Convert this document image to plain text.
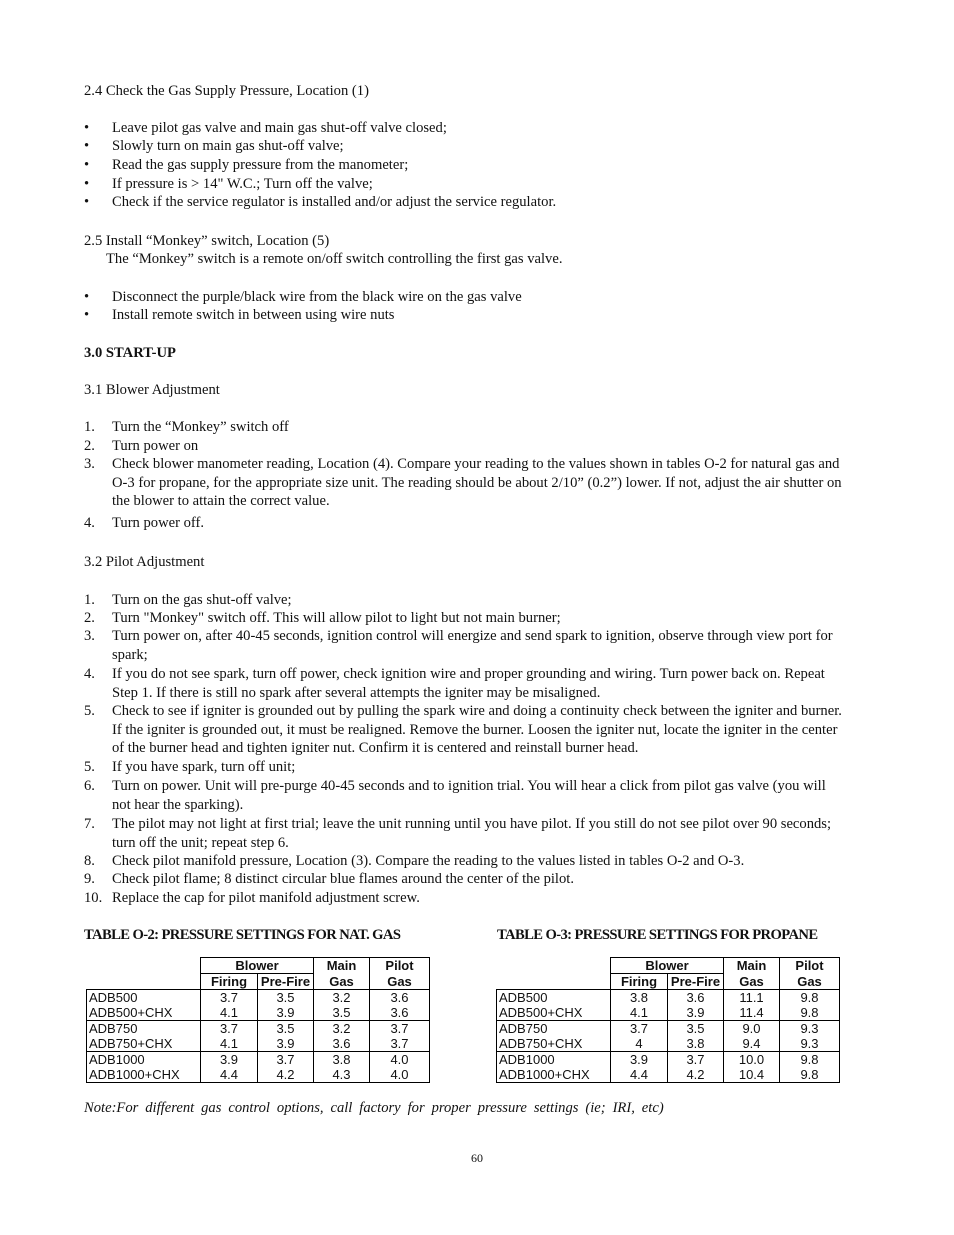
2.4 Check the Gas Supply Pressure, Location (1)
• Leave pilot gas valve and main gas shut-off valve closed;
• Slowly turn on main gas shut-off valve;
• Read the gas supply pressure from the manometer;
• If pressure is > 14" W.C.; Turn off the valve;
• Check if the service regulator is installed and/or adjust the service regulator.
2.5 Install “Monkey” switch, Location (5)
The “Monkey” switch is a remote on/off switch controlling the first gas valve.
• Disconnect the purple/black wire from the black wire on the gas valve
• Install remote switch in between using wire nuts
3.0 START-UP
3.1 Blower Adjustment
1. Turn the “Monkey” switch off
2. Turn power on
3. Check blower manometer reading, Location (4). Compare your reading to the values shown in tables O-2 for natural gas and O-3 for propane, for the appropriate size unit. The reading should be about 2/10” (0.2”) lower. If not, adjust the air shutter on the blower to attain the correct value.
4. Turn power off.
3.2 Pilot Adjustment
1. Turn on the gas shut-off valve;
2. Turn "Monkey" switch off. This will allow pilot to light but not main burner;
3. Turn power on, after 40-45 seconds, ignition control will energize and send spark to ignition, observe through view port for spark;
4. If you do not see spark, turn off power, check ignition wire and proper grounding and wiring. Turn power back on. Repeat Step 1. If there is still no spark after several attempts the igniter may be misaligned.
5. Check to see if igniter is grounded out by pulling the spark wire and doing a continuity check between the igniter and burner. If the igniter is grounded out, it must be realigned. Remove the burner. Loosen the igniter nut, locate the igniter in the center of the burner head and tighten igniter nut. Confirm it is centered and reinstall burner head.
5. If you have spark, turn off unit;
6. Turn on power. Unit will pre-purge 40-45 seconds and to ignition trial. You will hear a click from pilot gas valve (you will not hear the sparking).
7. The pilot may not light at first trial; leave the unit running until you have pilot. If you still do not see pilot over 90 seconds; turn off the unit; repeat step 6.
8. Check pilot manifold pressure, Location (3). Compare the reading to the values listed in tables O-2 and O-3.
9. Check pilot flame; 8 distinct circular blue flames around the center of the pilot.
10. Replace the cap for pilot manifold adjustment screw.
TABLE O-2: PRESSURE SETTINGS FOR NAT. GAS	TABLE O-3: PRESSURE SETTINGS FOR PROPANE
	Blower		Main	Pilot
	Firing	Pre-Fire	Gas	Gas
ADB500	3.7	3.5	3.2	3.6
ADB500+CHX	4.1	3.9	3.5	3.6
ADB750	3.7	3.5	3.2	3.7
ADB750+CHX	4.1	3.9	3.6	3.7
ADB1000	3.9	3.7	3.8	4.0
ADB1000+CHX	4.4	4.2	4.3	4.0
	Blower		Main	Pilot
	Firing	Pre-Fire	Gas	Gas
ADB500	3.8	3.6	11.1	9.8
ADB500+CHX	4.1	3.9	11.4	9.8
ADB750	3.7	3.5	9.0	9.3
ADB750+CHX	4	3.8	9.4	9.3
ADB1000	3.9	3.7	10.0	9.8
ADB1000+CHX	4.4	4.2	10.4	9.8
Note:For different gas control options, call factory for proper pressure settings (ie; IRI, etc)
60
